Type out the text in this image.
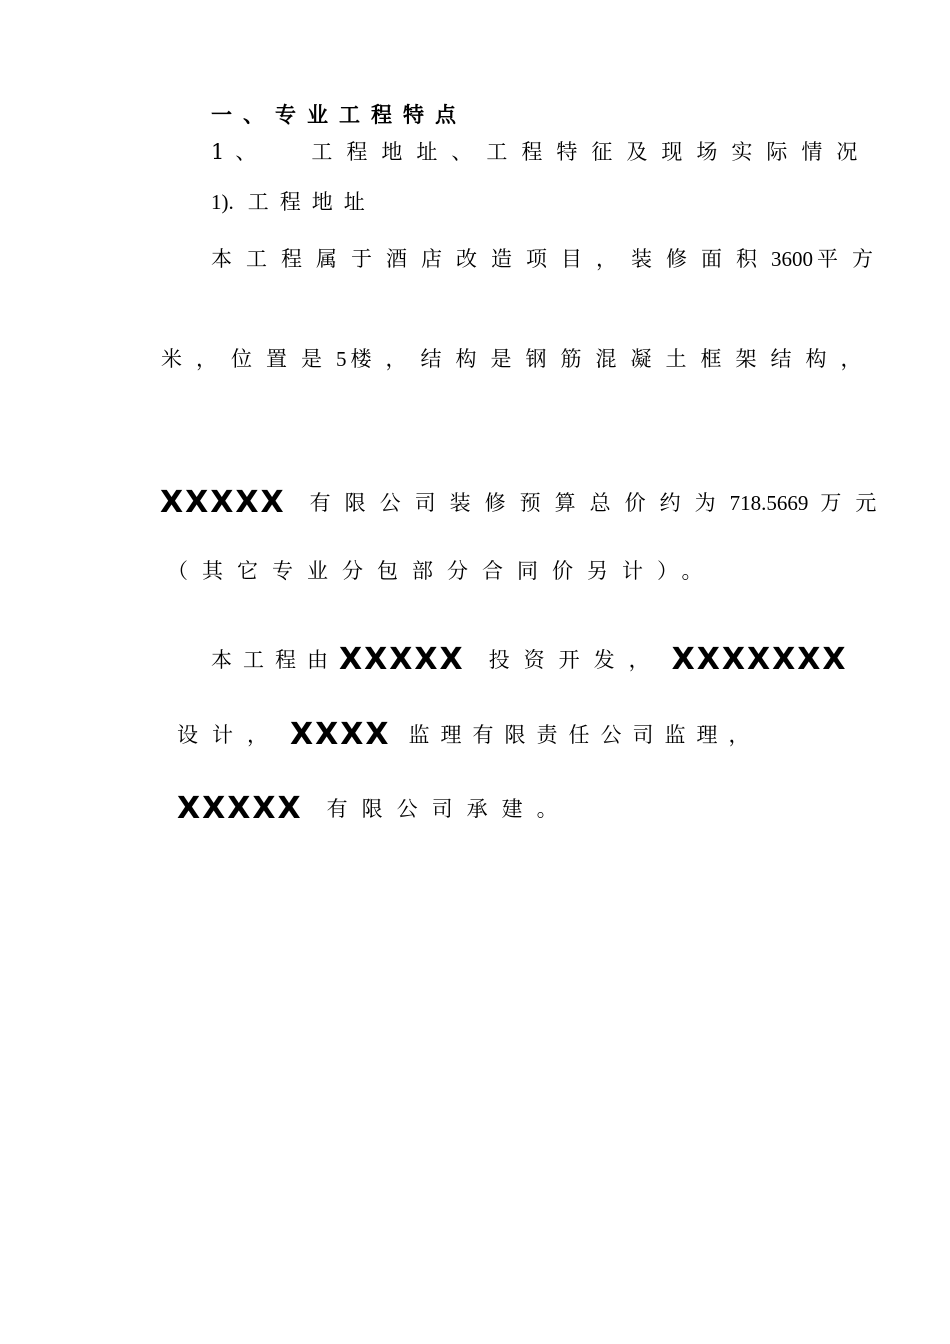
一、专业工程特点
1、 工程地址、工程特征及现场实际情况
1). 工程地址
本工程属于酒店改造项目，装修面积3600 平方
米，位置是5 楼，结构是钢筋混凝土框架结构，
XXXXX 有限公司装修预算总价约为718.5669 万元
（其它专业分包部分合同价另计）。
本工程由XXXXX 投资开发， XXXXXXX
设计， XXXX 监理有限责任公司监理，
XXXXX 有限公司承建。
